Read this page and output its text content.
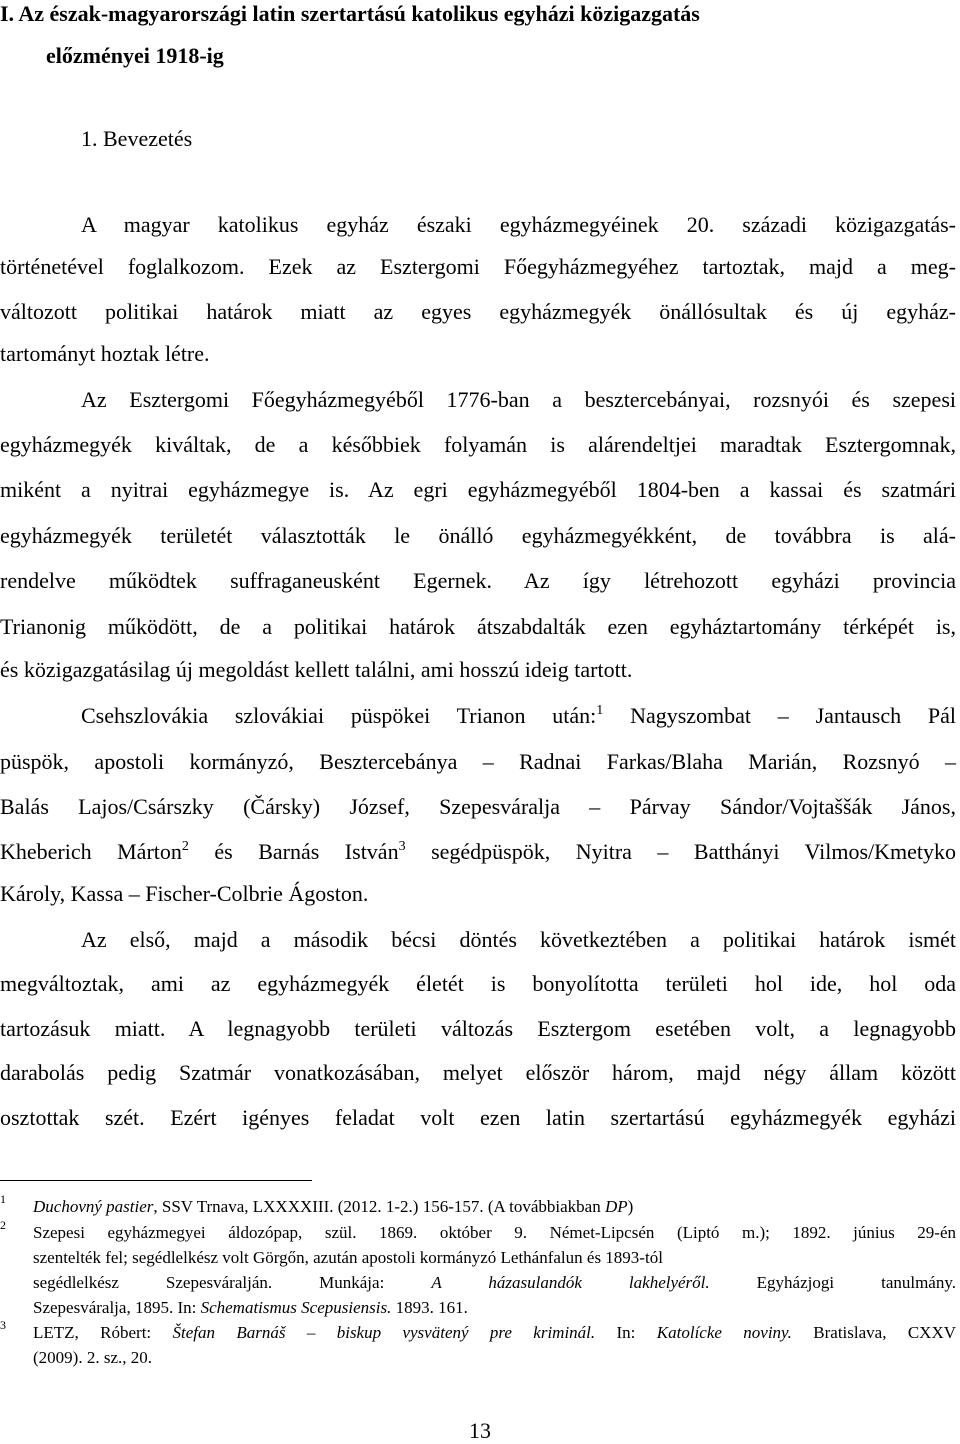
I. Az észak-magyarországi latin szertartású katolikus egyházi közigazgatás
előzményei 1918-ig
1. Bevezetés
A magyar katolikus egyház északi egyházmegyéinek 20. századi közigazgatás-
történetével foglalkozom. Ezek az Esztergomi Főegyházmegyéhez tartoztak, majd a meg-
változott politikai határok miatt az egyes egyházmegyék önállósultak és új egyház-
tartományt hoztak létre.
Az Esztergomi Főegyházmegyéből 1776-ban a besztercebányai, rozsnyói és szepesi
egyházmegyék kiváltak, de a későbbiek folyamán is alárendeltjei maradtak Esztergomnak,
miként a nyitrai egyházmegye is. Az egri egyházmegyéből 1804-ben a kassai és szatmári
egyházmegyék területét választották le önálló egyházmegyékként, de továbbra is alá-
rendelve működtek suffraganeusként Egernek. Az így létrehozott egyházi provincia
Trianonig működött, de a politikai határok átszabdalták ezen egyháztartomány térképét is,
és közigazgatásilag új megoldást kellett találni, ami hosszú ideig tartott.
Csehszlovákia szlovákiai püspökei Trianon után:$^1$ Nagyszombat – Jantausch Pál
püspök, apostoli kormányzó, Besztercebánya – Radnai Farkas/Blaha Marián, Rozsnyó –
Balás Lajos/Csárszky (Čársky) József, Szepesváralja – Párvay Sándor/Vojtaššák János,
Kheberich Márton$^2$ és Barnás István$^3$ segédpüspök, Nyitra – Batthányi Vilmos/Kmetyko
Károly, Kassa – Fischer-Colbrie Ágoston.
Az első, majd a második bécsi döntés következtében a politikai határok ismét
megváltoztak, ami az egyházmegyék életét is bonyolította területi hol ide, hol oda
tartozásuk miatt. A legnagyobb területi változás Esztergom esetében volt, a legnagyobb
darabolás pedig Szatmár vonatkozásában, melyet először három, majd négy állam között
osztottak szét. Ezért igényes feladat volt ezen latin szertartású egyházmegyék egyházi
1 Duchovný pastier, SSV Trnava, LXXXXIII. (2012. 1-2.) 156-157. (A továbbiakban DP)
2 Szepesi egyházmegyei áldozópap, szül. 1869. október 9. Német-Lipcsén (Liptó m.); 1892. június 29-én
szentelték fel; segédlelkész volt Görgőn, azután apostoli kormányzó Lethánfalun és 1893-tól
segédlelkész Szepesváralján. Munkája: A házasulandók lakhelyéről. Egyházjogi tanulmány.
Szepesváralja, 1895. In: Schematismus Scepusiensis. 1893. 161.
3 LETZ, Róbert: Štefan Barnáš – biskup vysvätený pre kriminál. In: Katolícke noviny. Bratislava, CXXV
(2009). 2. sz., 20.
13
